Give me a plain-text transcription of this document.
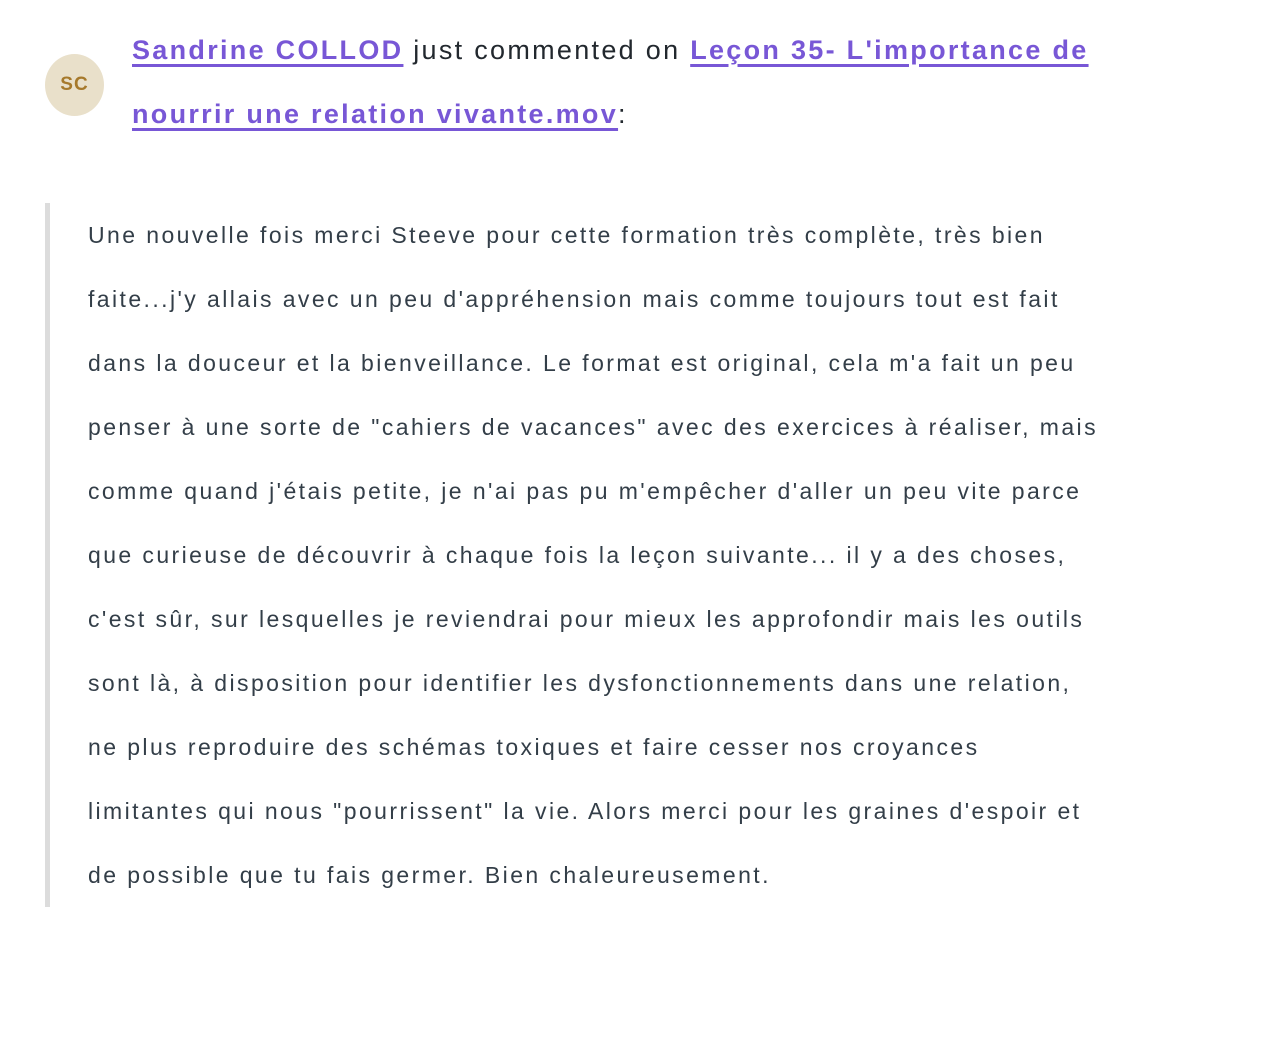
SC

Sandrine COLLOD just commented on Leçon 35- L'importance de nourrir une relation vivante.mov:

Une nouvelle fois merci Steeve pour cette formation très complète, très bien faite...j'y allais avec un peu d'appréhension mais comme toujours tout est fait dans la douceur et la bienveillance. Le format est original, cela m'a fait un peu penser à une sorte de "cahiers de vacances" avec des exercices à réaliser, mais comme quand j'étais petite, je n'ai pas pu m'empêcher d'aller un peu vite parce que curieuse de découvrir à chaque fois la leçon suivante... il y a des choses, c'est sûr, sur lesquelles je reviendrai pour mieux les approfondir mais les outils sont là, à disposition pour identifier les dysfonctionnements dans une relation, ne plus reproduire des schémas toxiques et faire cesser nos croyances limitantes qui nous "pourrissent" la vie. Alors merci pour les graines d'espoir et de possible que tu fais germer. Bien chaleureusement.
